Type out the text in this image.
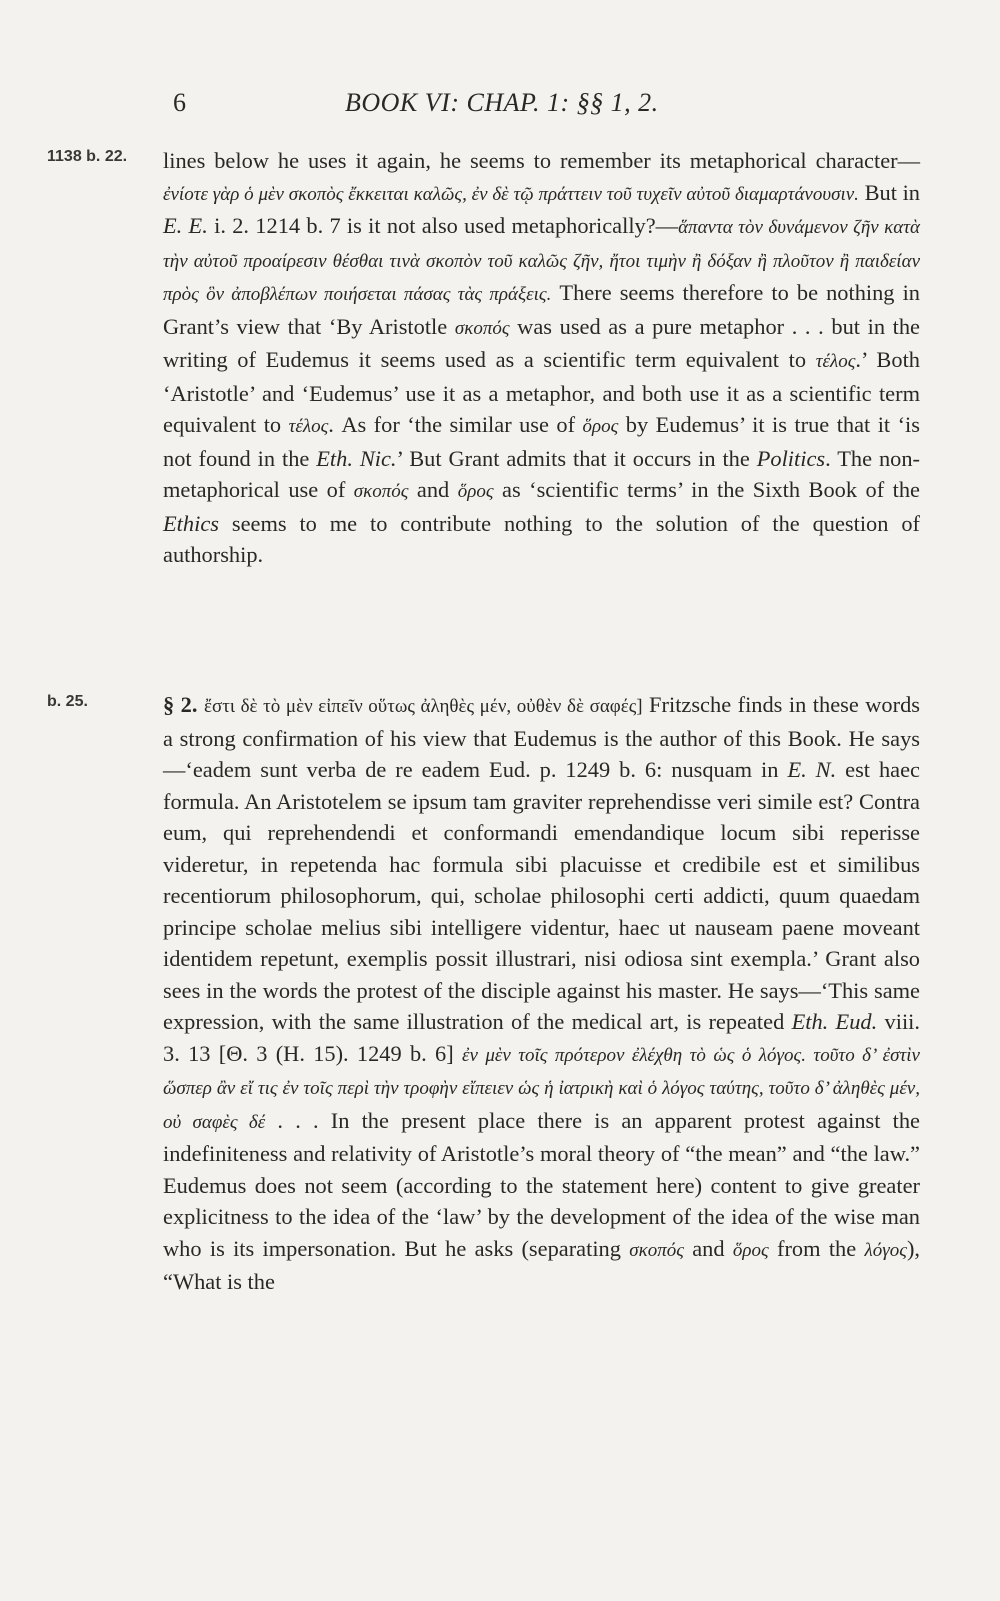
6	BOOK VI: CHAP. 1: §§ 1, 2.
1138 b. 22. lines below he uses it again, he seems to remember its metaphorical character—ἐνίοτε γὰρ ὁ μὲν σκοπὸς ἔκκειται καλῶς, ἐν δὲ τῷ πράττειν τοῦ τυχεῖν αὐτοῦ διαμαρτάνουσιν. But in E. E. i. 2. 1214 b. 7 is it not also used metaphorically?—ἅπαντα τὸν δυνάμενον ζῆν κατὰ τὴν αὐτοῦ προαίρεσιν θέσθαι τινὰ σκοπὸν τοῦ καλῶς ζῆν, ἤτοι τιμὴν ἢ δόξαν ἢ πλοῦτον ἢ παιδείαν πρὸς ὃν ἀποβλέπων ποιήσεται πάσας τὰς πράξεις. There seems therefore to be nothing in Grant’s view that ‘By Aristotle σκοπός was used as a pure metaphor . . . but in the writing of Eudemus it seems used as a scientific term equivalent to τέλος.’ Both ‘Aristotle’ and ‘Eudemus’ use it as a metaphor, and both use it as a scientific term equivalent to τέλος. As for ‘the similar use of ὅρος by Eudemus’ it is true that it ‘is not found in the Eth. Nic.’ But Grant admits that it occurs in the Politics. The non-metaphorical use of σκοπός and ὅρος as ‘scientific terms’ in the Sixth Book of the Ethics seems to me to contribute nothing to the solution of the question of authorship.

b. 25.	§ 2. ἔστι δὲ τὸ μὲν εἰπεῖν οὕτως ἀληθὲς μέν, οὐθὲν δὲ σαφές] Fritzsche finds in these words a strong confirmation of his view that Eudemus is the author of this Book. He says—‘eadem sunt verba de re eadem Eud. p. 1249 b. 6: nusquam in E. N. est haec formula. An Aristotelem se ipsum tam graviter reprehendisse veri simile est? Contra eum, qui reprehendendi et conformandi emendandique locum sibi reperisse videretur, in repetenda hac formula sibi placuisse et credibile est et similibus recentiorum philosophorum, qui, scholae philosophi certi addicti, quum quaedam principe scholae melius sibi intelligere videntur, haec ut nauseam paene moveant identidem repetunt, exemplis possit illustrari, nisi odiosa sint exempla.’ Grant also sees in the words the protest of the disciple against his master. He says—‘This same expression, with the same illustration of the medical art, is repeated Eth. Eud. viii. 3. 13 [Θ. 3 (H. 15). 1249 b. 6] ἐν μὲν τοῖς πρότερον ἐλέχθη τὸ ὡς ὁ λόγος. τοῦτο δ’ ἐστὶν ὥσπερ ἂν εἴ τις ἐν τοῖς περὶ τὴν τροφὴν εἴπειεν ὡς ἡ ἰατρικὴ καὶ ὁ λόγος ταύτης, τοῦτο δ’ ἀληθὲς μέν, οὐ σαφὲς δέ . . . In the present place there is an apparent protest against the indefiniteness and relativity of Aristotle’s moral theory of “the mean” and “the law.” Eudemus does not seem (according to the statement here) content to give greater explicitness to the idea of the ‘law’ by the development of the idea of the wise man who is its impersonation. But he asks (separating σκοπός and ὅρος from the λόγος), “What is the
